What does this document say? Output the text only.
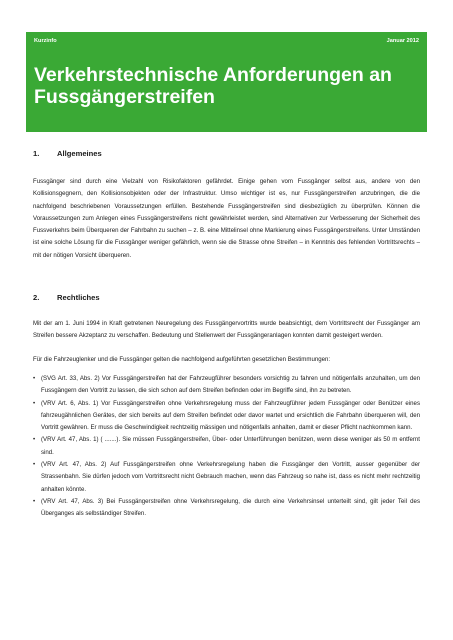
Kurzinfo	Januar 2012
Verkehrstechnische Anforderungen an Fussgängerstreifen
1. Allgemeines

Fussgänger sind durch eine Vielzahl von Risikofaktoren gefährdet. Einige gehen vom Fussgänger selbst aus, andere von den Kollisionsgegnern, den Kollisionsobjekten oder der Infrastruktur. Umso wichtiger ist es, nur Fussgängerstreifen anzubringen, die die nachfolgend beschriebenen Voraussetzungen erfüllen. Bestehende Fussgängerstreifen sind diesbezüglich zu überprüfen. Können die Voraussetzungen zum Anlegen eines Fussgängerstreifens nicht gewährleistet werden, sind Alternativen zur Verbesserung der Sicherheit des Fussverkehrs beim Überqueren der Fahrbahn zu suchen – z. B. eine Mittelinsel ohne Markierung eines Fussgängerstreifens. Unter Umständen ist eine solche Lösung für die Fussgänger weniger gefährlich, wenn sie die Strasse ohne Streifen – in Kenntnis des fehlenden Vortrittsrechts – mit der nötigen Vorsicht überqueren.

2. Rechtliches

Mit der am 1. Juni 1994 in Kraft getretenen Neuregelung des Fussgängervortritts wurde beabsichtigt, dem Vortrittsrecht der Fussgänger am Streifen bessere Akzeptanz zu verschaffen. Bedeutung und Stellenwert der Fussgängeranlagen konnten damit gesteigert werden.

Für die Fahrzeuglenker und die Fussgänger gelten die nachfolgend aufgeführten gesetzlichen Bestimmungen:

• (SVG Art. 33, Abs. 2) Vor Fussgängerstreifen hat der Fahrzeugführer besonders vorsichtig zu fahren und nötigenfalls anzuhalten, um den Fussgängern den Vortritt zu lassen, die sich schon auf dem Streifen befinden oder im Begriffe sind, ihn zu betreten.
• (VRV Art. 6, Abs. 1) Vor Fussgängerstreifen ohne Verkehrsregelung muss der Fahrzeugführer jedem Fussgänger oder Benützer eines fahrzeugähnlichen Gerätes, der sich bereits auf dem Streifen befindet oder davor wartet und ersichtlich die Fahrbahn überqueren will, den Vortritt gewähren. Er muss die Geschwindigkeit rechtzeitig mässigen und nötigenfalls anhalten, damit er dieser Pflicht nachkommen kann.
• (VRV Art. 47, Abs. 1) ( .......). Sie müssen Fussgängerstreifen, Über- oder Unterführungen benützen, wenn diese weniger als 50 m entfernt sind.
• (VRV Art. 47, Abs. 2) Auf Fussgängerstreifen ohne Verkehrsregelung haben die Fussgänger den Vortritt, ausser gegenüber der Strassenbahn. Sie dürfen jedoch vom Vortrittsrecht nicht Gebrauch machen, wenn das Fahrzeug so nahe ist, dass es nicht mehr rechtzeitig anhalten könnte.
• (VRV Art. 47, Abs. 3) Bei Fussgängerstreifen ohne Verkehrsregelung, die durch eine Verkehrsinsel unterteilt sind, gilt jeder Teil des Überganges als selbständiger Streifen.
